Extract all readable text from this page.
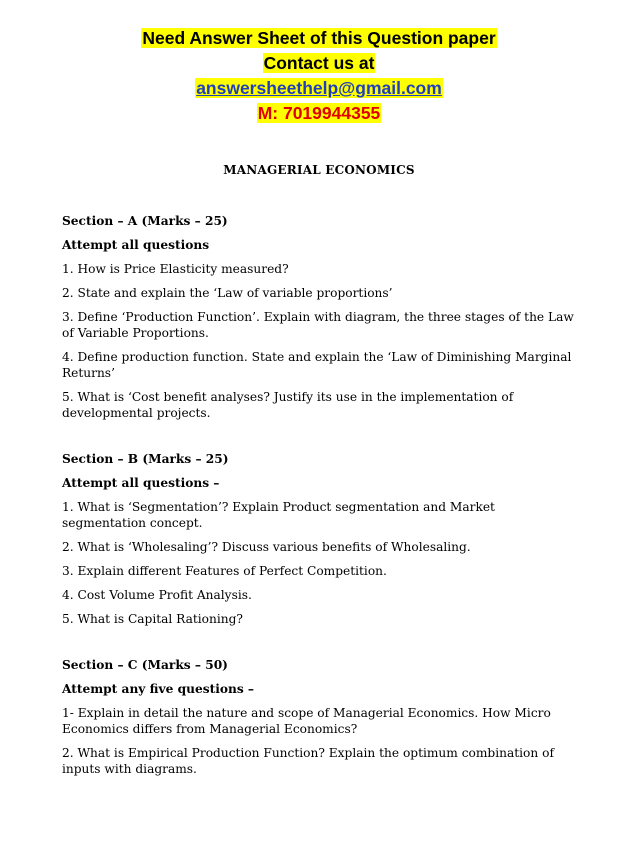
Need Answer Sheet of this Question paper
Contact us at
answersheethelp@gmail.com
M: 7019944355
MANAGERIAL ECONOMICS
Section – A (Marks – 25)
Attempt all questions
1. How is Price Elasticity measured?
2. State and explain the ‘Law of variable proportions’
3. Define ‘Production Function’. Explain with diagram, the three stages of the Law of Variable Proportions.
4. Define production function. State and explain the ‘Law of Diminishing Marginal Returns’
5. What is ‘Cost benefit analyses? Justify its use in the implementation of developmental projects.
Section – B (Marks – 25)
Attempt all questions –
1. What is ‘Segmentation’? Explain Product segmentation and Market segmentation concept.
2. What is ‘Wholesaling’? Discuss various benefits of Wholesaling.
3. Explain different Features of Perfect Competition.
4. Cost Volume Profit Analysis.
5. What is Capital Rationing?
Section – C (Marks – 50)
Attempt any five questions –
1- Explain in detail the nature and scope of Managerial Economics. How Micro Economics differs from Managerial Economics?
2. What is Empirical Production Function? Explain the optimum combination of inputs with diagrams.
